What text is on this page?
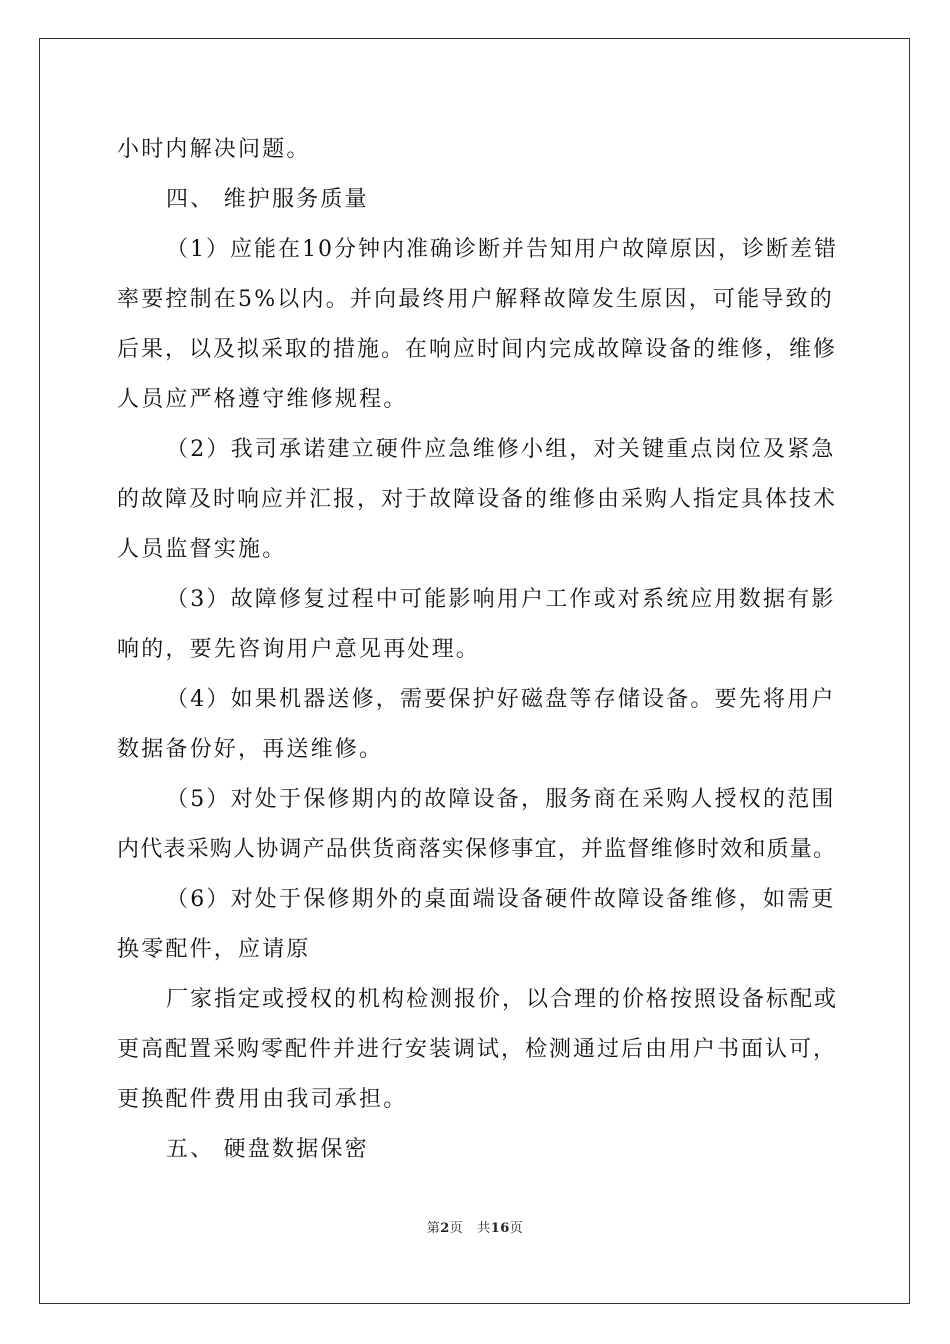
小时内解决问题。
四、 维护服务质量
（1）应能在10分钟内准确诊断并告知用户故障原因，诊断差错
率要控制在5%以内。并向最终用户解释故障发生原因，可能导致的
后果，以及拟采取的措施。在响应时间内完成故障设备的维修，维修
人员应严格遵守维修规程。
（2）我司承诺建立硬件应急维修小组，对关键重点岗位及紧急
的故障及时响应并汇报，对于故障设备的维修由采购人指定具体技术
人员监督实施。
（3）故障修复过程中可能影响用户工作或对系统应用数据有影
响的，要先咨询用户意见再处理。
（4）如果机器送修，需要保护好磁盘等存储设备。要先将用户
数据备份好，再送维修。
（5）对处于保修期内的故障设备，服务商在采购人授权的范围
内代表采购人协调产品供货商落实保修事宜，并监督维修时效和质量。
（6）对处于保修期外的桌面端设备硬件故障设备维修，如需更
换零配件，应请原
厂家指定或授权的机构检测报价，以合理的价格按照设备标配或
更高配置采购零配件并进行安装调试，检测通过后由用户书面认可，
更换配件费用由我司承担。
五、 硬盘数据保密
第2页 共16页
